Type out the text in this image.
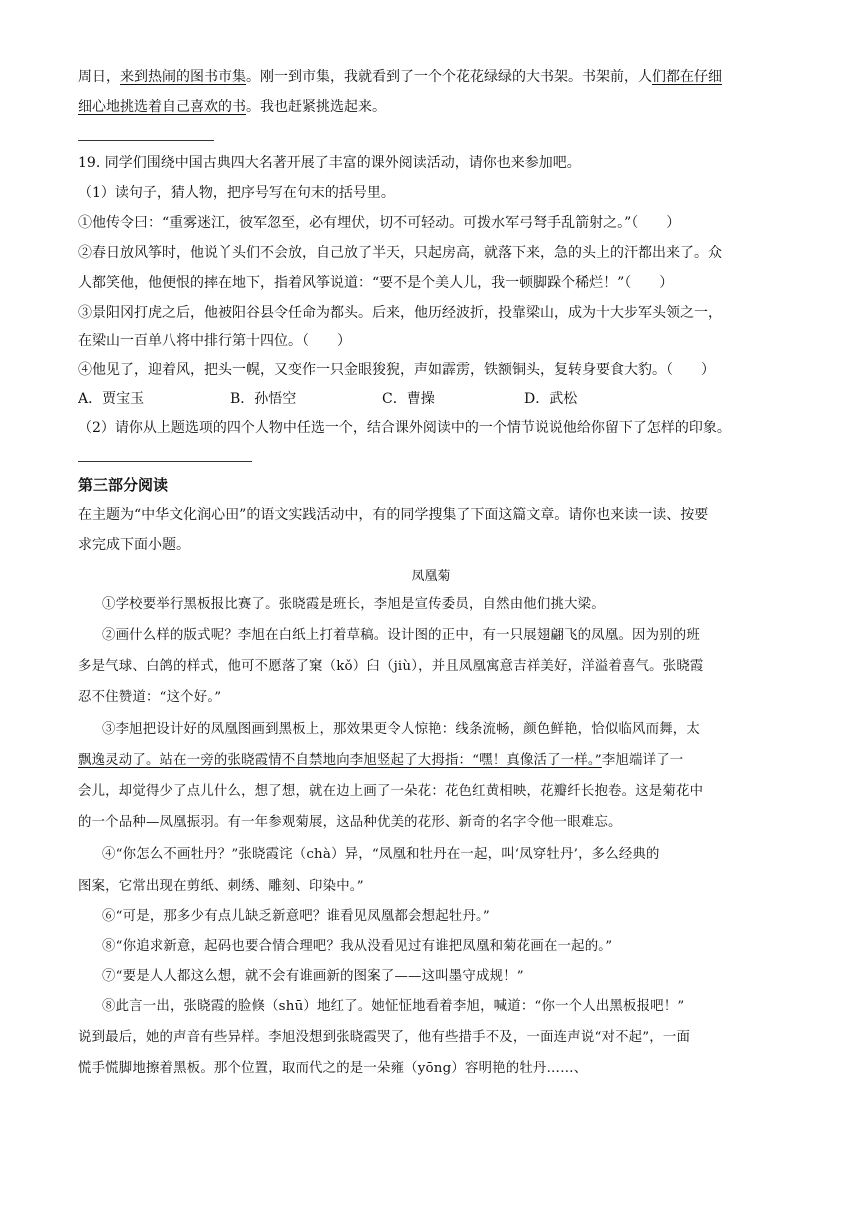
周日，来到热闹的图书市集。刚一到市集，我就看到了一个个花花绿绿的大书架。书架前，人们都在仔细
细心地挑选着自己喜欢的书。我也赶紧挑选起来。
19. 同学们围绕中国古典四大名著开展了丰富的课外阅读活动，请你也来参加吧。
（1）读句子，猜人物，把序号写在句末的括号里。
①他传令曰：“重雾迷江，彼军忽至，必有埋伏，切不可轻动。可拨水军弓弩手乱箭射之。”（　　）
②春日放风筝时，他说丫头们不会放，自己放了半天，只起房高，就落下来，急的头上的汗都出来了。众
人都笑他，他便恨的摔在地下，指着风筝说道：“要不是个美人儿，我一顿脚跺个稀烂！”（　　）
③景阳冈打虎之后，他被阳谷县令任命为都头。后来，他历经波折，投靠梁山，成为十大步军头领之一，
在梁山一百单八将中排行第十四位。（　　）
④他见了，迎着风，把头一幌，又变作一只金眼狻猊，声如霹雳，铁额铜头，复转身要食大豹。（　　）
A．贾宝玉	B．孙悟空	C．曹操	D．武松
（2）请你从上题选项的四个人物中任选一个，结合课外阅读中的一个情节说说他给你留下了怎样的印象。
第三部分阅读
在主题为“中华文化润心田”的语文实践活动中，有的同学搜集了下面这篇文章。请你也来读一读、按要
求完成下面小题。
凤凰菊
①学校要举行黑板报比赛了。张晓霞是班长，李旭是宣传委员，自然由他们挑大梁。
②画什么样的版式呢？李旭在白纸上打着草稿。设计图的正中，有一只展翅翩飞的凤凰。因为别的班
多是气球、白鸽的样式，他可不愿落了窠（kǒ）臼（jiù），并且凤凰寓意吉祥美好，洋溢着喜气。张晓霞
忍不住赞道：“这个好。”
③李旭把设计好的凤凰图画到黑板上，那效果更令人惊艳：线条流畅，颜色鲜艳，恰似临风而舞，太
飘逸灵动了。站在一旁的张晓霞情不自禁地向李旭竖起了大拇指：“嘿！真像活了一样。”李旭端详了一
会儿，却觉得少了点儿什么，想了想，就在边上画了一朵花：花色红黄相映，花瓣纤长抱卷。这是菊花中
的一个品种—凤凰振羽。有一年参观菊展，这品种优美的花形、新奇的名字令他一眼难忘。
④“你怎么不画牡丹？”张晓霞诧（chà）异，“凤凰和牡丹在一起，叫‘凤穿牡丹’，多么经典的
图案，它常出现在剪纸、刺绣、雕刻、印染中。”
⑥“可是，那多少有点儿缺乏新意吧？谁看见凤凰都会想起牡丹。”
⑧“你追求新意，起码也要合情合理吧？我从没看见过有谁把凤凰和菊花画在一起的。”
⑦“要是人人都这么想，就不会有谁画新的图案了——这叫墨守成规！”
⑧此言一出，张晓霞的脸倏（shū）地红了。她怔怔地看着李旭，喊道：“你一个人出黑板报吧！”
说到最后，她的声音有些异样。李旭没想到张晓霞哭了，他有些措手不及，一面连声说“对不起”，一面
慌手慌脚地擦着黑板。那个位置，取而代之的是一朵雍（yōng）容明艳的牡丹……、
